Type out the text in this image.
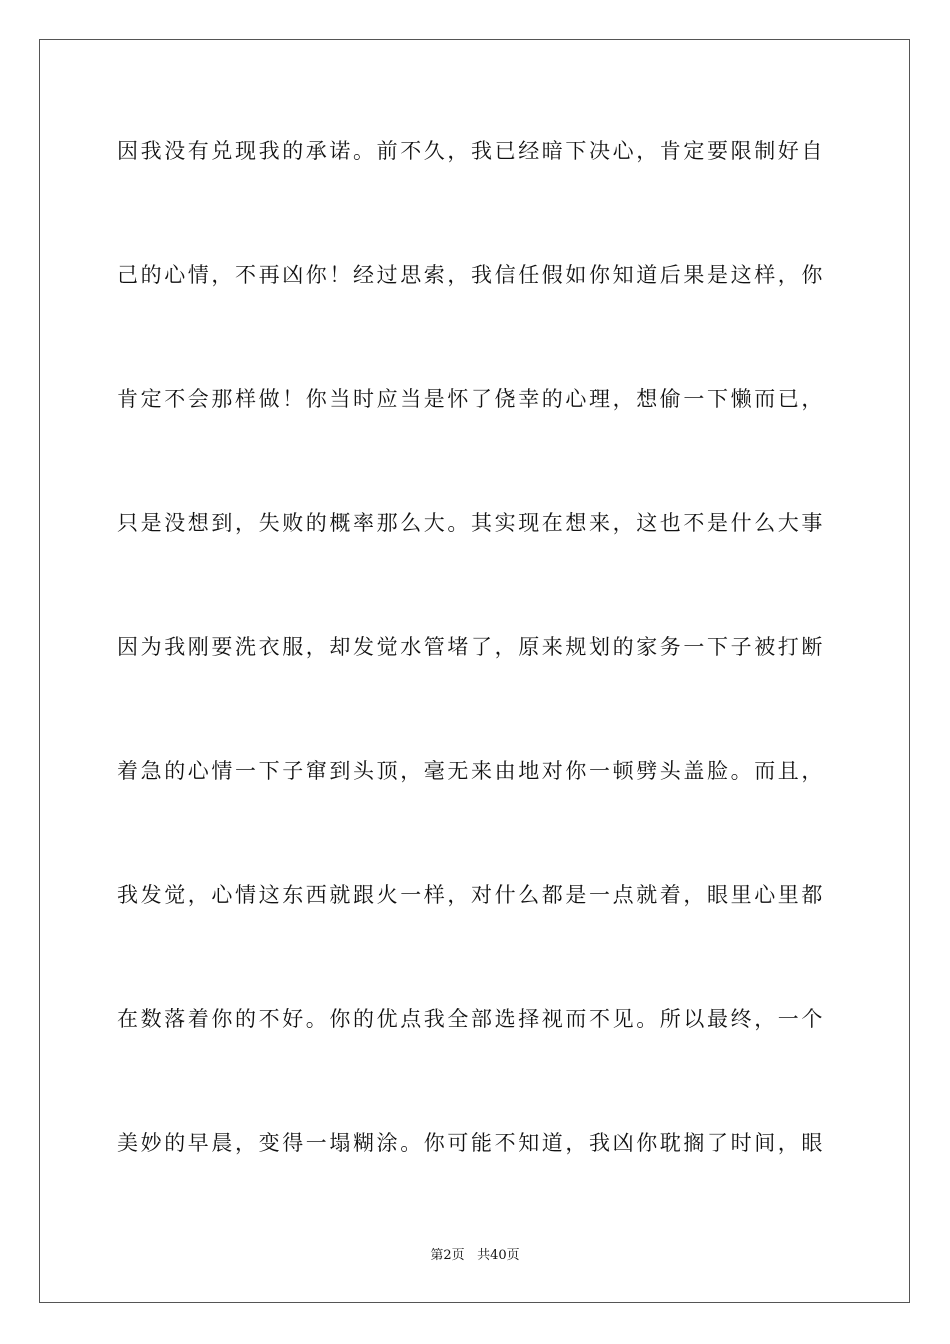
因我没有兑现我的承诺。前不久，我已经暗下决心，肯定要限制好自
己的心情，不再凶你！经过思索，我信任假如你知道后果是这样，你
肯定不会那样做！你当时应当是怀了侥幸的心理，想偷一下懒而已，
只是没想到，失败的概率那么大。其实现在想来，这也不是什么大事
因为我刚要洗衣服，却发觉水管堵了，原来规划的家务一下子被打断
着急的心情一下子窜到头顶，毫无来由地对你一顿劈头盖脸。而且，
我发觉，心情这东西就跟火一样，对什么都是一点就着，眼里心里都
在数落着你的不好。你的优点我全部选择视而不见。所以最终，一个
美妙的早晨，变得一塌糊涂。你可能不知道，我凶你耽搁了时间，眼
第2页 共40页
